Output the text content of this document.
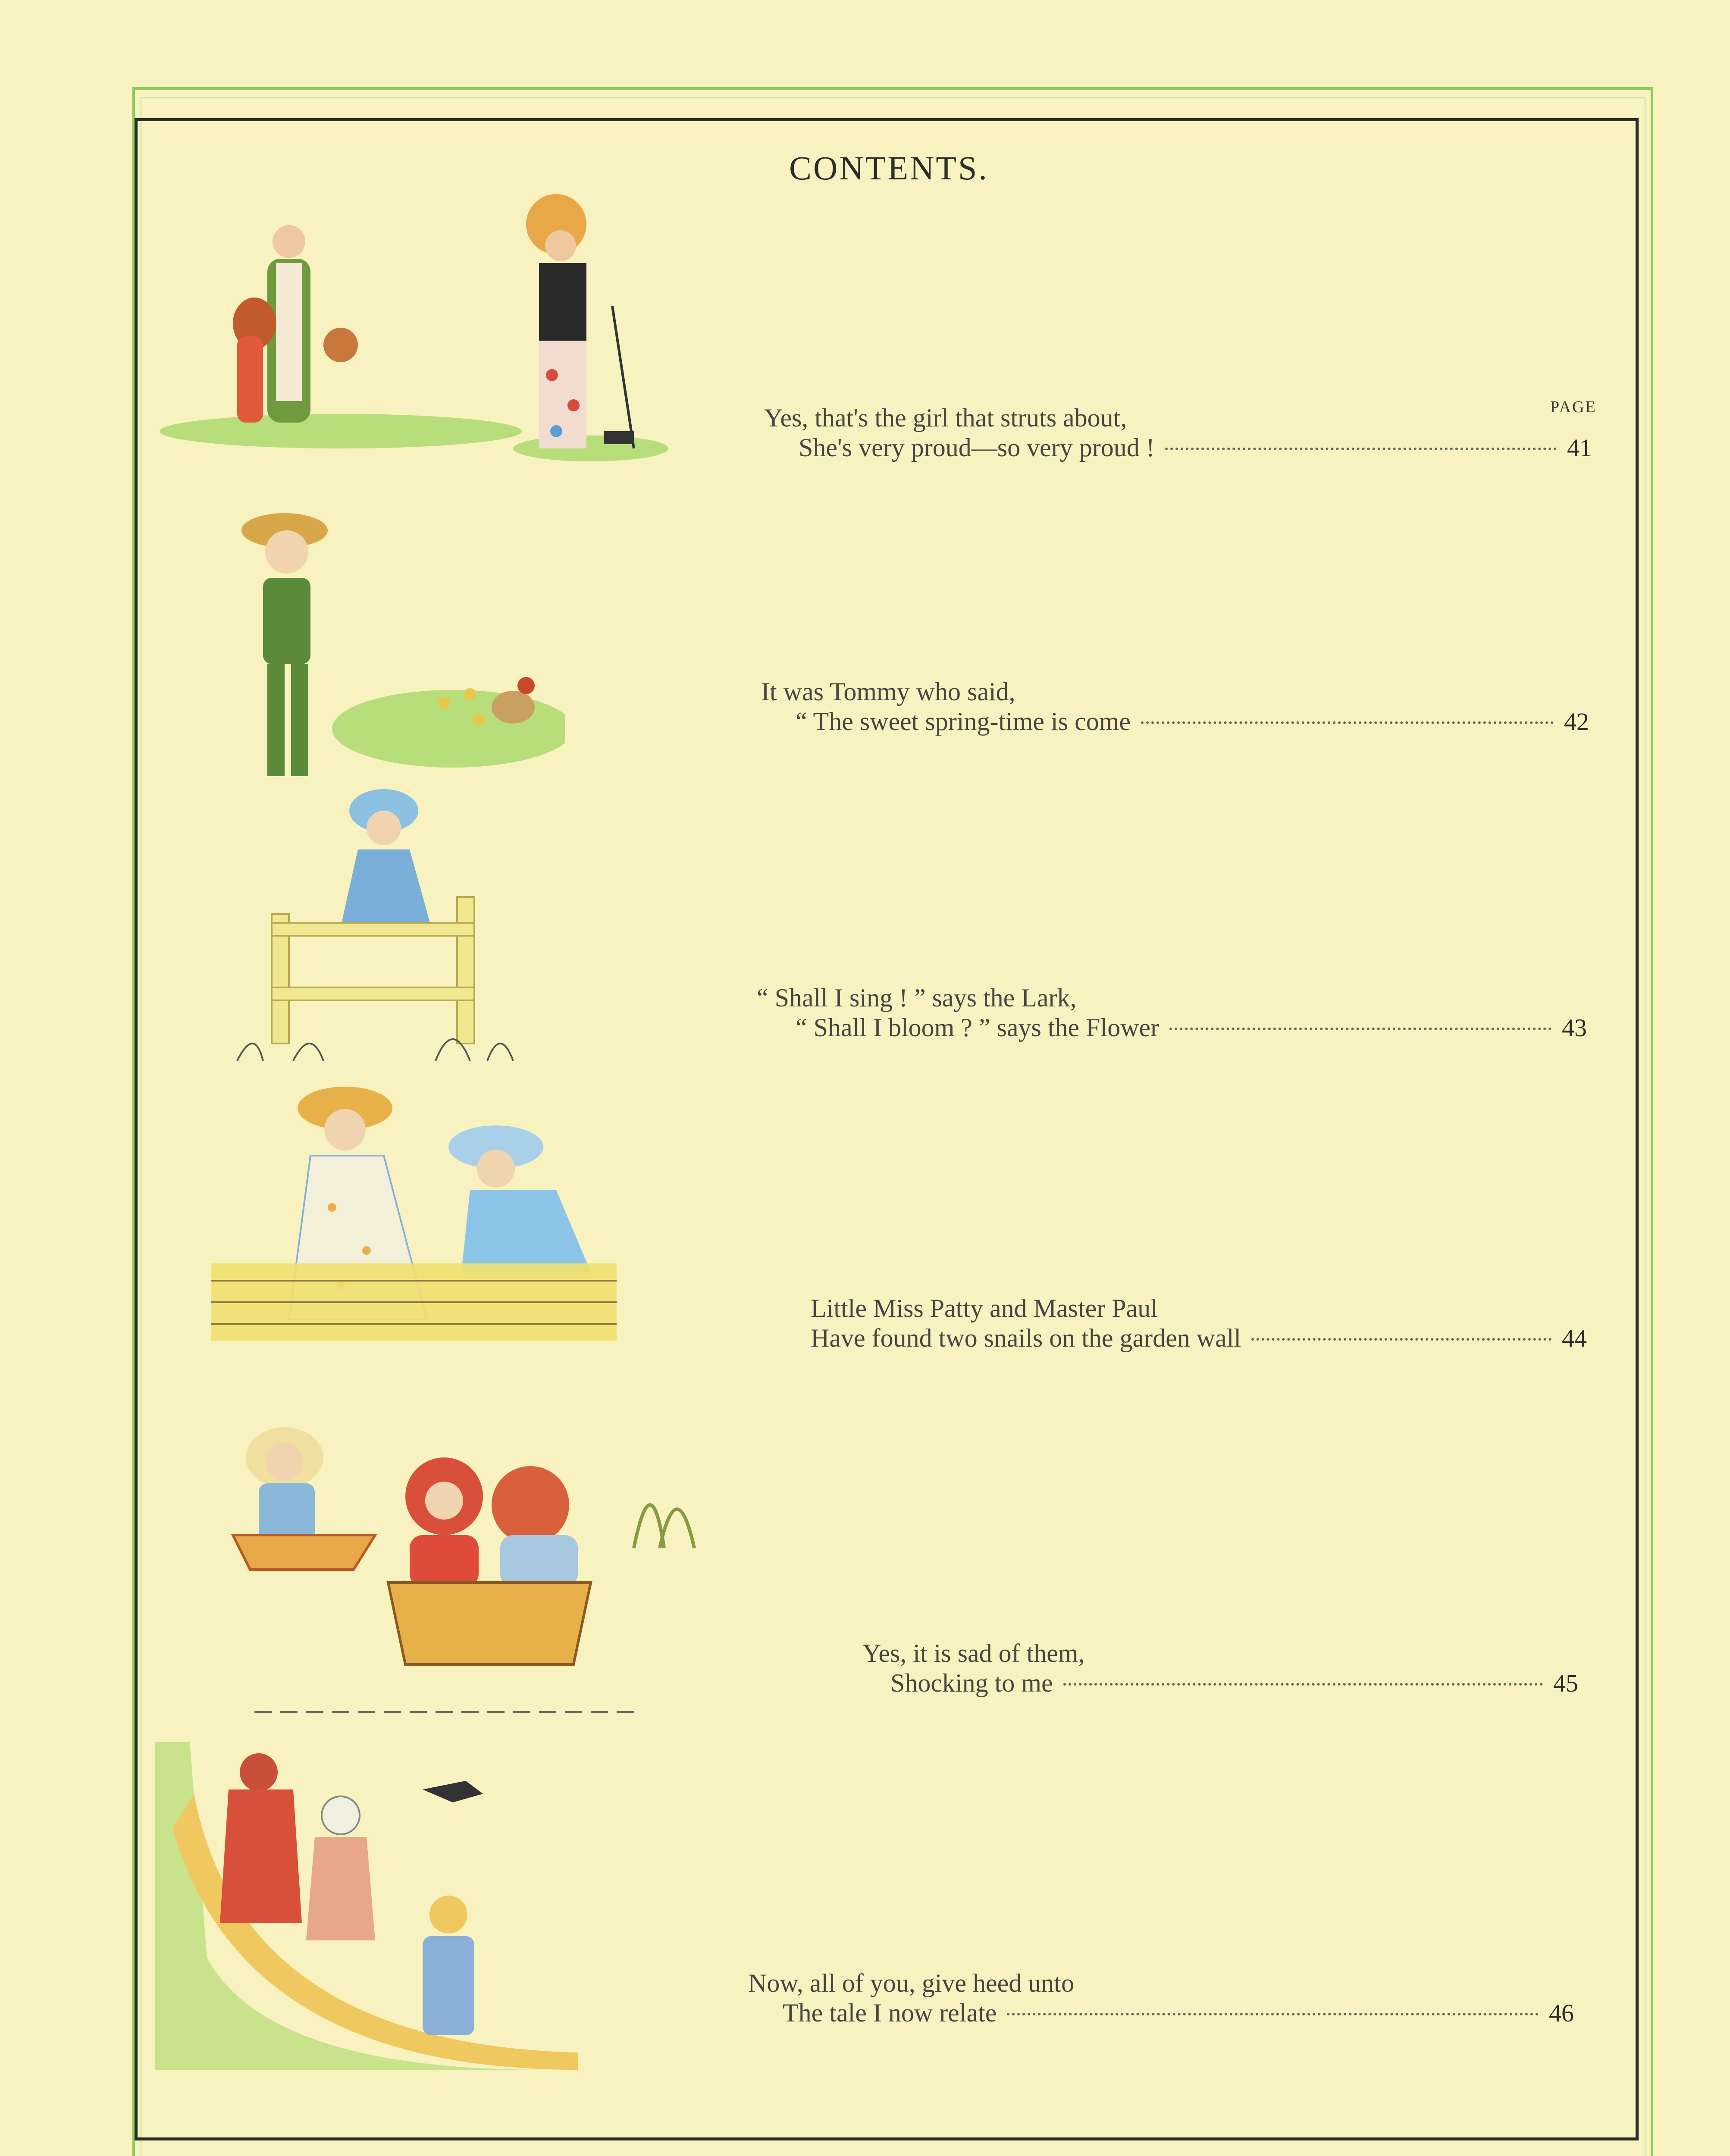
CONTENTS.
PAGE
Yes, that's the girl that struts about,
She's very proud—so very proud !	41
It was Tommy who said,
“ The sweet spring-time is come	42
“ Shall I sing ! ” says the Lark,
“ Shall I bloom ? ” says the Flower	43
Little Miss Patty and Master Paul
Have found two snails on the garden wall	44
Yes, it is sad of them,
Shocking to me	45
Now, all of you, give heed unto
The tale I now relate	46
